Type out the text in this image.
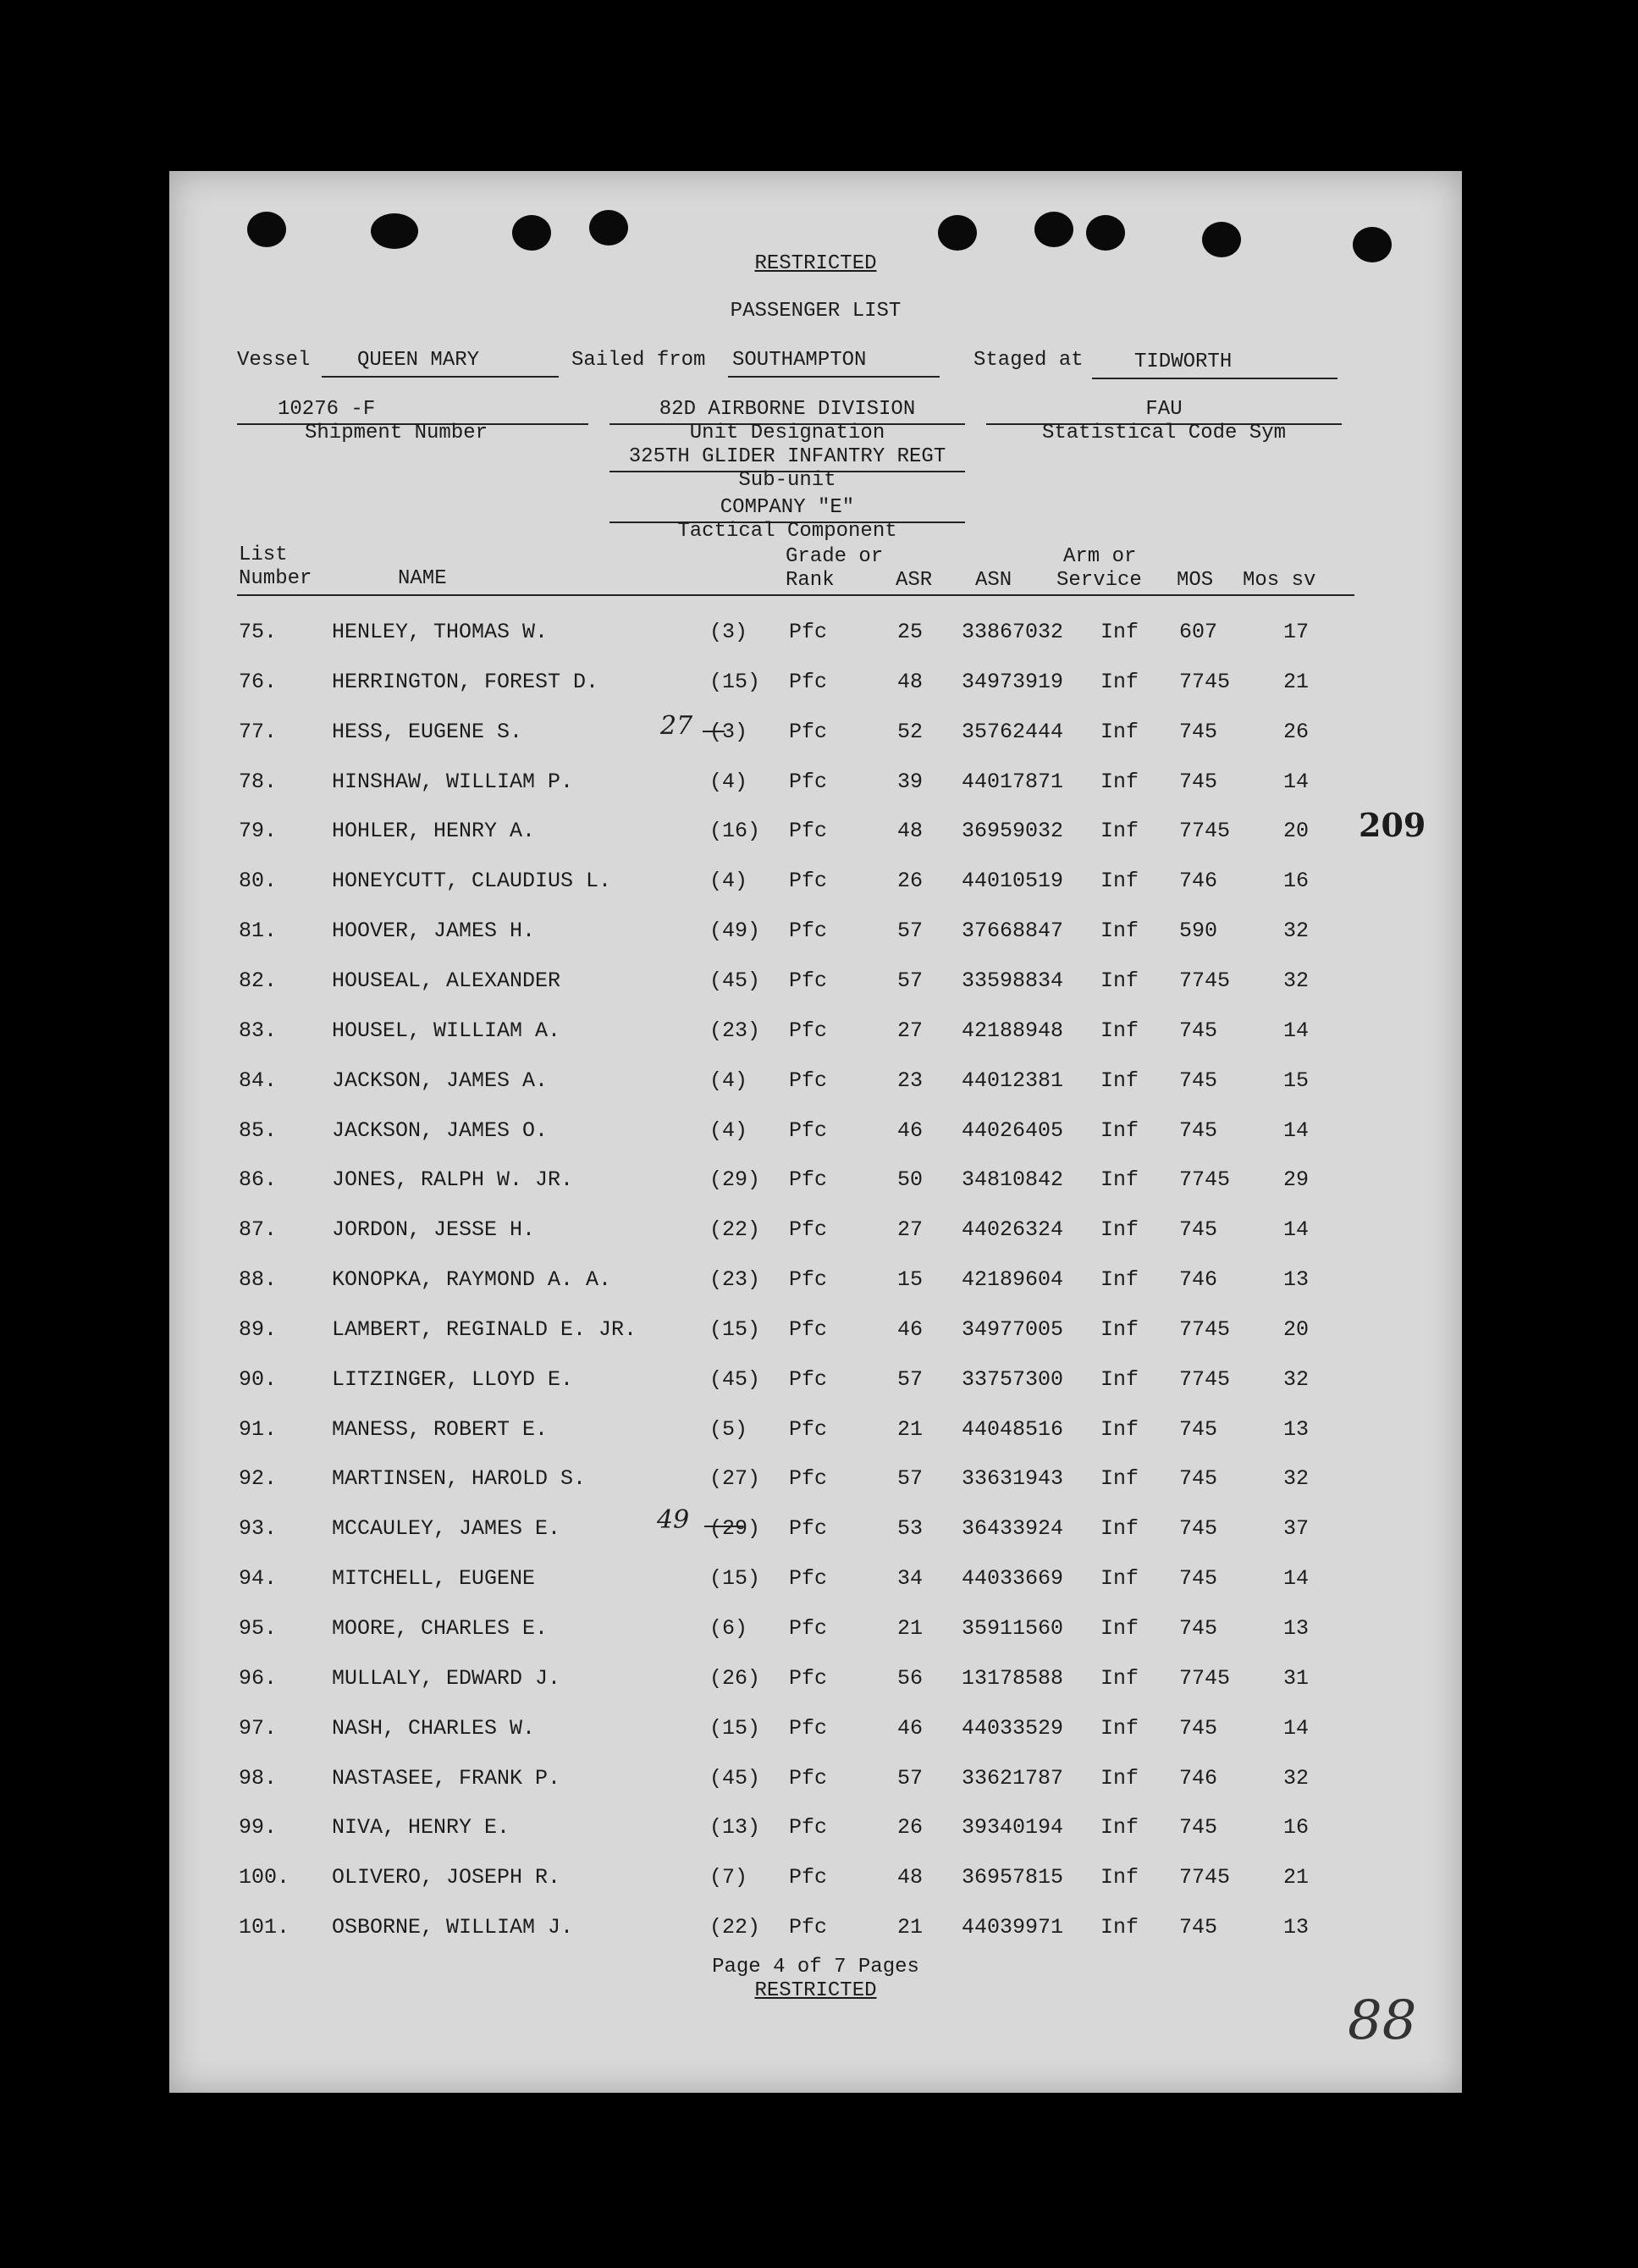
RESTRICTED
PASSENGER LIST
Vessel QUEEN MARY	Sailed from SOUTHAMPTON	Staged at	TIDWORTH
10276 -F
Shipment Number
82D AIRBORNE DIVISION
Unit Designation
325TH GLIDER INFANTRY REGT
Sub-unit
COMPANY "E"
Tactical Component
FAU
Statistical Code Sym
List
Number	NAME
Grade or
Rank	ASR ASN
Arm or
Service MOS Mos sv
75.	HENLEY, THOMAS W.	(3) Pfc	25 33867032 Inf 607	17
76.	HERRINGTON, FOREST D.	(15) Pfc	48 34973919 Inf 7745	21
77.	HESS, EUGENE S.	(3) Pfc	52 35762444 Inf 745	26
78.	HINSHAW, WILLIAM P.	(4) Pfc	39 44017871 Inf 745	14
79.	HOHLER, HENRY A.	(16) Pfc	48 36959032 Inf 7745	20
80.	HONEYCUTT, CLAUDIUS L.	(4) Pfc	26 44010519 Inf 746	16
81.	HOOVER, JAMES H.	(49) Pfc	57 37668847 Inf 590	32
82.	HOUSEAL, ALEXANDER	(45) Pfc	57 33598834 Inf 7745	32
83.	HOUSEL, WILLIAM A.	(23) Pfc	27 42188948 Inf 745	14
84.	JACKSON, JAMES A.	(4) Pfc	23 44012381 Inf 745	15
85.	JACKSON, JAMES O.	(4) Pfc	46 44026405 Inf 745	14
86.	JONES, RALPH W. JR.	(29) Pfc	50 34810842 Inf 7745	29
87.	JORDON, JESSE H.	(22) Pfc	27 44026324 Inf 745	14
88.	KONOPKA, RAYMOND A. A.	(23) Pfc	15 42189604 Inf 746	13
89.	LAMBERT, REGINALD E. JR.	(15) Pfc	46 34977005 Inf 7745	20
90.	LITZINGER, LLOYD E.	(45) Pfc	57 33757300 Inf 7745	32
91.	MANESS, ROBERT E.	(5) Pfc	21 44048516 Inf 745	13
92.	MARTINSEN, HAROLD S.	(27) Pfc	57 33631943 Inf 745	32
93.	MCCAULEY, JAMES E.	(29) Pfc	53 36433924 Inf 745	37
94.	MITCHELL, EUGENE	(15) Pfc	34 44033669 Inf 745	14
95.	MOORE, CHARLES E.	(6) Pfc	21 35911560 Inf 745	13
96.	MULLALY, EDWARD J.	(26) Pfc	56 13178588 Inf 7745	31
97.	NASH, CHARLES W.	(15) Pfc	46 44033529 Inf 745	14
98.	NASTASEE, FRANK P.	(45) Pfc	57 33621787 Inf 746	32
99.	NIVA, HENRY E.	(13) Pfc	26 39340194 Inf 745	16
100. OLIVERO, JOSEPH R.	(7) Pfc	48 36957815 Inf 7745	21
101. OSBORNE, WILLIAM J.	(22) Pfc	21 44039971 Inf 745	13
27
49
209
Page 4 of 7 Pages
RESTRICTED	88
